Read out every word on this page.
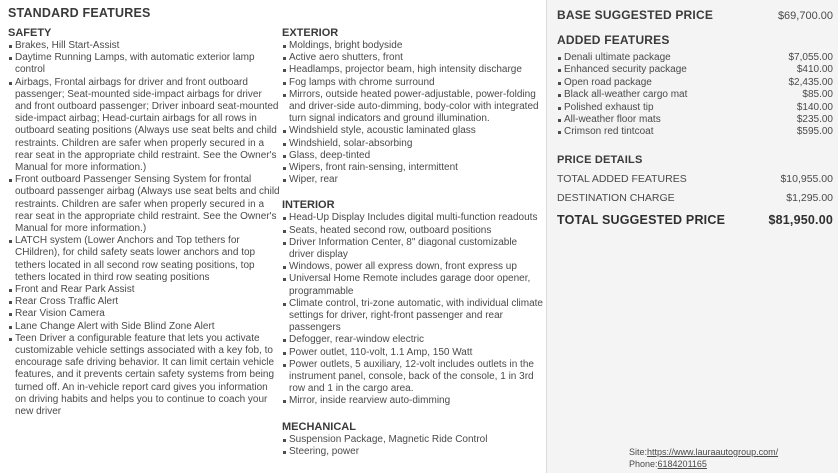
STANDARD FEATURES
SAFETY
Brakes, Hill Start-Assist
Daytime Running Lamps, with automatic exterior lamp control
Airbags, Frontal airbags for driver and front outboard passenger; Seat-mounted side-impact airbags for driver and front outboard passenger; Driver inboard seat-mounted side-impact airbag; Head-curtain airbags for all rows in outboard seating positions (Always use seat belts and child restraints. Children are safer when properly secured in a rear seat in the appropriate child restraint. See the Owner's Manual for more information.)
Front outboard Passenger Sensing System for frontal outboard passenger airbag (Always use seat belts and child restraints. Children are safer when properly secured in a rear seat in the appropriate child restraint. See the Owner's Manual for more information.)
LATCH system (Lower Anchors and Top tethers for CHildren), for child safety seats lower anchors and top tethers located in all second row seating positions, top tethers located in third row seating positions
Front and Rear Park Assist
Rear Cross Traffic Alert
Rear Vision Camera
Lane Change Alert with Side Blind Zone Alert
Teen Driver a configurable feature that lets you activate customizable vehicle settings associated with a key fob, to encourage safe driving behavior. It can limit certain vehicle features, and it prevents certain safety systems from being turned off. An in-vehicle report card gives you information on driving habits and helps you to continue to coach your new driver
EXTERIOR
Moldings, bright bodyside
Active aero shutters, front
Headlamps, projector beam, high intensity discharge
Fog lamps with chrome surround
Mirrors, outside heated power-adjustable, power-folding and driver-side auto-dimming, body-color with integrated turn signal indicators and ground illumination.
Windshield style, acoustic laminated glass
Windshield, solar-absorbing
Glass, deep-tinted
Wipers, front rain-sensing, intermittent
Wiper, rear
INTERIOR
Head-Up Display Includes digital multi-function readouts
Seats, heated second row, outboard positions
Driver Information Center, 8" diagonal customizable driver display
Windows, power all express down, front express up
Universal Home Remote includes garage door opener, programmable
Climate control, tri-zone automatic, with individual climate settings for driver, right-front passenger and rear passengers
Defogger, rear-window electric
Power outlet, 110-volt, 1.1 Amp, 150 Watt
Power outlets, 5 auxiliary, 12-volt includes outlets in the instrument panel, console, back of the console, 1 in 3rd row and 1 in the cargo area.
Mirror, inside rearview auto-dimming
MECHANICAL
Suspension Package, Magnetic Ride Control
Steering, power
BASE SUGGESTED PRICE	$69,700.00
ADDED FEATURES
Denali ultimate package	$7,055.00
Enhanced security package	$410.00
Open road package	$2,435.00
Black all-weather cargo mat	$85.00
Polished exhaust tip	$140.00
All-weather floor mats	$235.00
Crimson red tintcoat	$595.00
PRICE DETAILS
TOTAL ADDED FEATURES	$10,955.00
DESTINATION CHARGE	$1,295.00
TOTAL SUGGESTED PRICE	$81,950.00
Site:https://www.lauraautogroup.com/
Phone:6184201165
